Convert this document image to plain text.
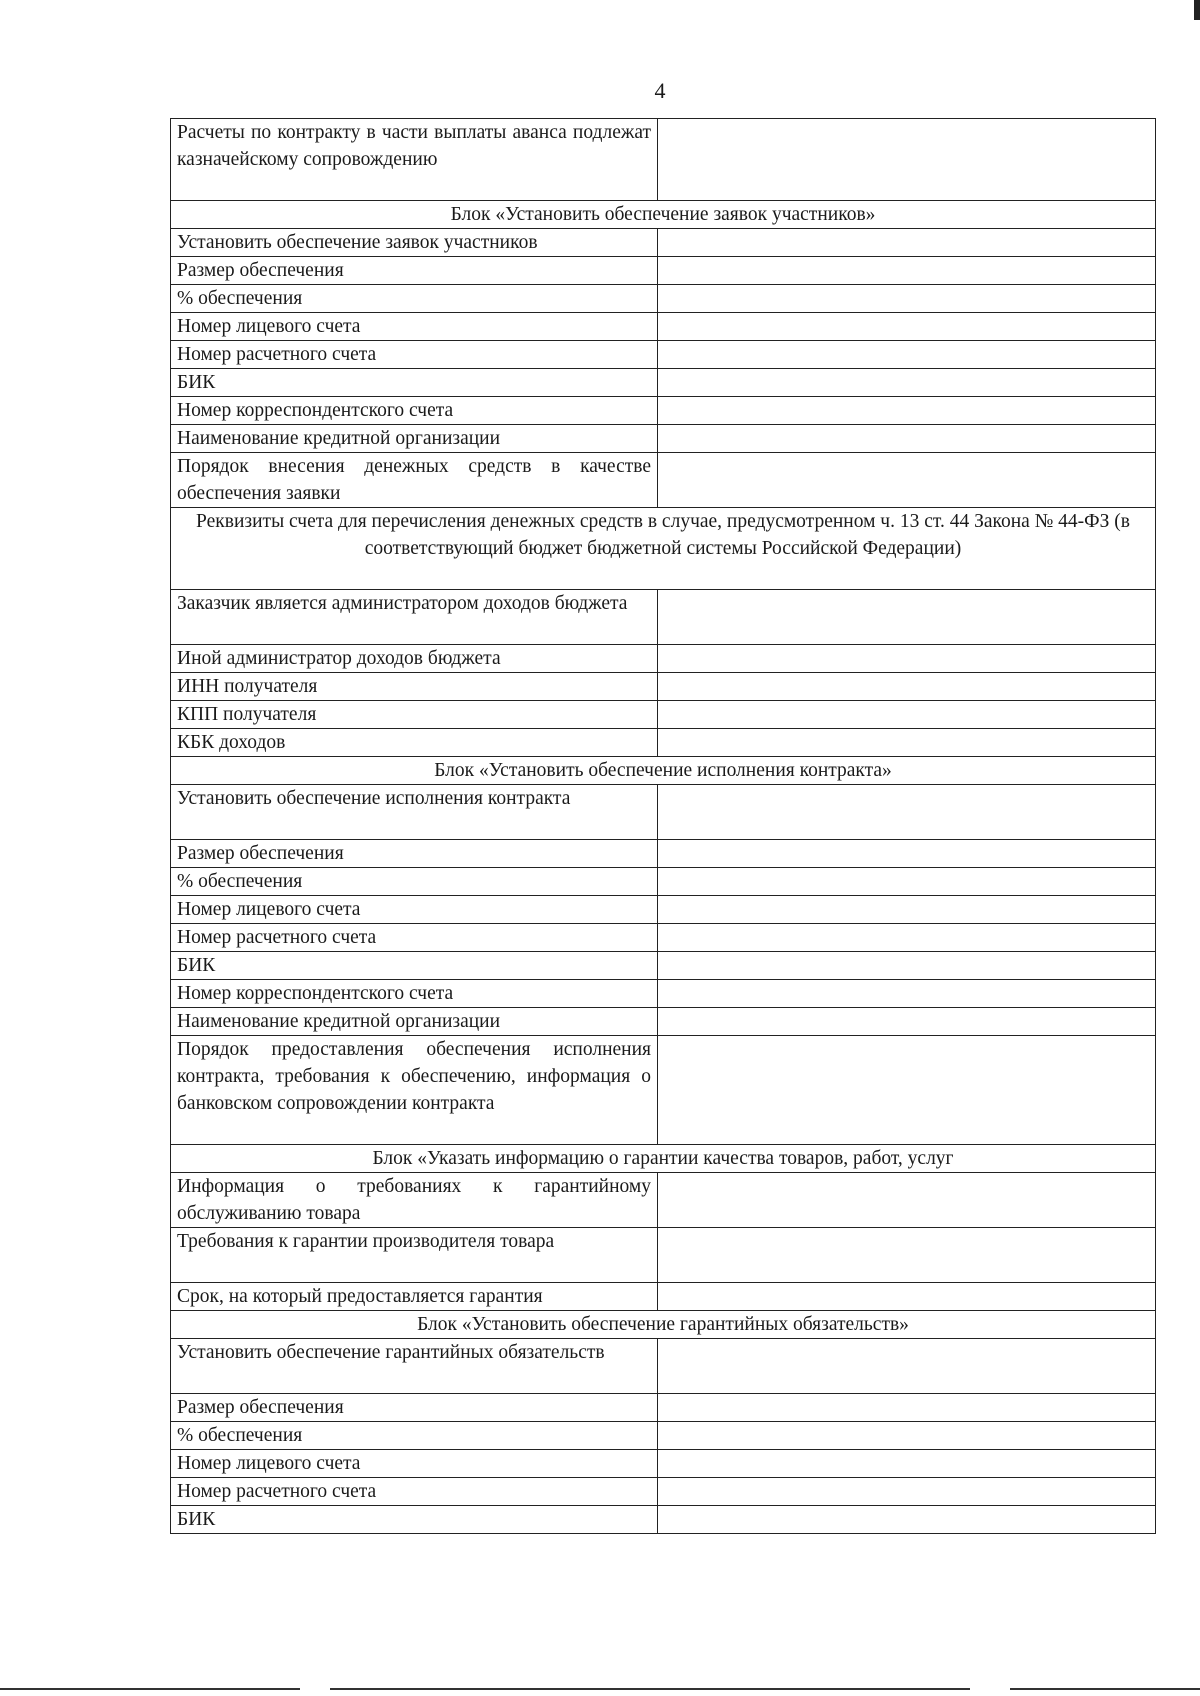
4
Расчеты по контракту в части выплаты аванса подлежат казначейскому сопровождению	
Блок «Установить обеспечение заявок участников»	
Установить обеспечение заявок участников	
Размер обеспечения	
% обеспечения	
Номер лицевого счета	
Номер расчетного счета	
БИК	
Номер корреспондентского счета	
Наименование кредитной организации	
Порядок внесения денежных средств в качестве обеспечения заявки	
Реквизиты счета для перечисления денежных средств в случае, предусмотренном ч. 13 ст. 44 Закона № 44-ФЗ (в соответствующий бюджет бюджетной системы Российской Федерации)	
Заказчик является администратором доходов бюджета	
Иной администратор доходов бюджета	
ИНН получателя	
КПП получателя	
КБК доходов	
Блок «Установить обеспечение исполнения контракта»	
Установить обеспечение исполнения контракта	
Размер обеспечения	
% обеспечения	
Номер лицевого счета	
Номер расчетного счета	
БИК	
Номер корреспондентского счета	
Наименование кредитной организации	
Порядок предоставления обеспечения исполнения контракта, требования к обеспечению, информация о банковском сопровождении контракта	
Блок «Указать информацию о гарантии качества товаров, работ, услуг	
Информация о требованиях к гарантийному обслуживанию товара	
Требования к гарантии производителя товара	
Срок, на который предоставляется гарантия	
Блок «Установить обеспечение гарантийных обязательств»	
Установить обеспечение гарантийных обязательств	
Размер обеспечения	
% обеспечения	
Номер лицевого счета	
Номер расчетного счета	
БИК	
